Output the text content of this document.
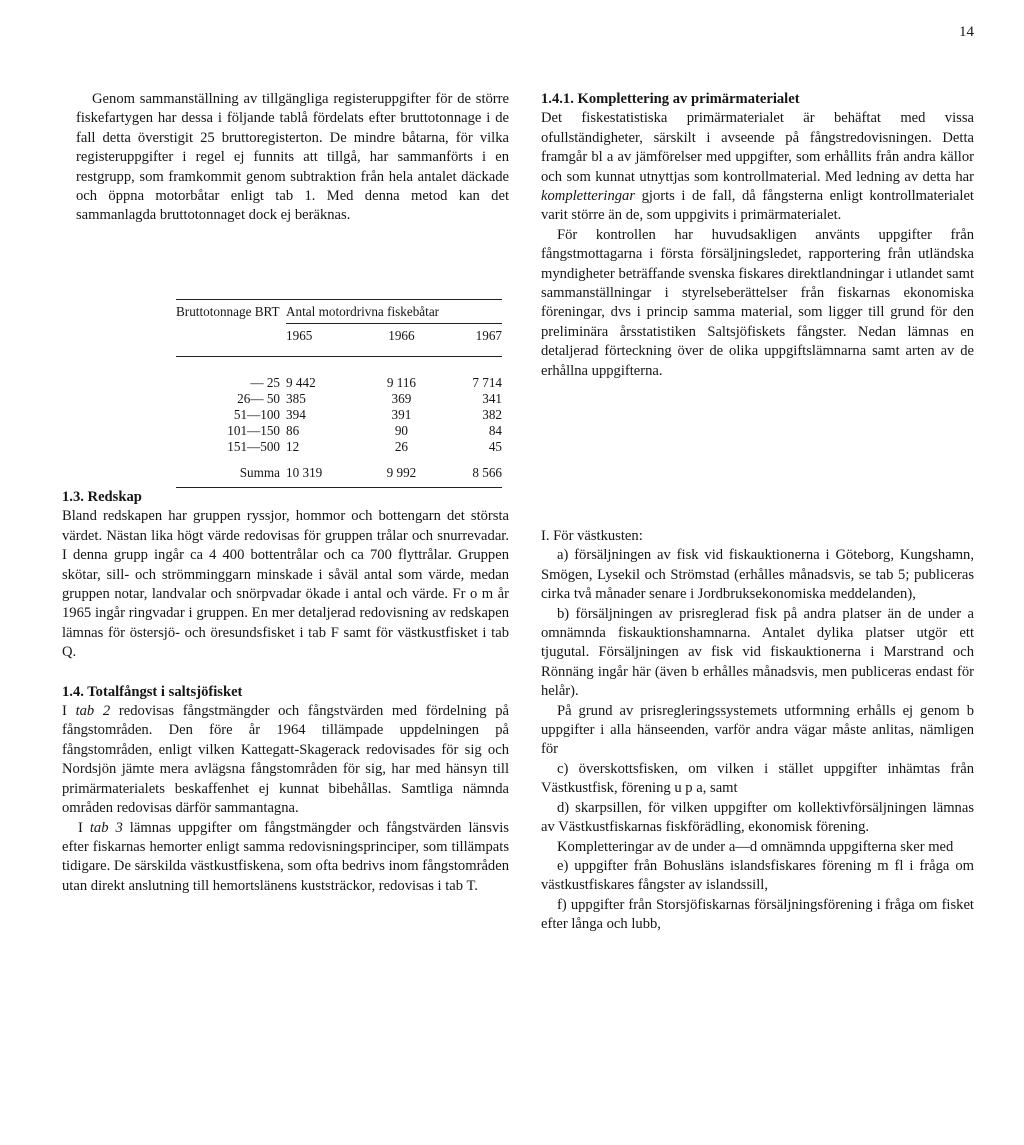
14

Genom sammanställning av tillgängliga registeruppgifter för de större fiskefartygen har dessa i följande tablå fördelats efter bruttotonnage i de fall detta överstigit 25 bruttoregisterton. De mindre båtarna, för vilka registeruppgifter i regel ej funnits att tillgå, har sammanförts i en restgrupp, som framkommit genom subtraktion från hela antalet däckade och öppna motorbåtar enligt tab 1. Med denna metod kan det sammanlagda bruttotonnaget dock ej beräknas.

Bruttotonnage BRT	Antal motordrivna fiskebåtar		
	1965	1966	1967

— 25	9 442	9 116	7 714
26— 50	385	369	341
51—100	394	391	382
101—150	86	90	84
151—500	12	26	45
Summa	10 319	9 992	8 566

1.3. Redskap

Bland redskapen har gruppen ryssjor, hommor och bottengarn det största värdet. Nästan lika högt värde redovisas för gruppen trålar och snurrevadar. I denna grupp ingår ca 4 400 bottentrålar och ca 700 flyttrålar. Gruppen skötar, sill- och strömminggarn minskade i såväl antal som värde, medan gruppen notar, landvalar och snörpvadar ökade i antal och värde. Fr o m år 1965 ingår ringvadar i gruppen. En mer detaljerad redovisning av redskapen lämnas för östersjö- och öresundsfisket i tab F samt för västkustfisket i tab Q.

1.4. Totalfångst i saltsjöfisket

I tab 2 redovisas fångstmängder och fångstvärden med fördelning på fångstområden. Den före år 1964 tillämpade uppdelningen på fångstområden, enligt vilken Kattegatt-Skagerack redovisades för sig och Nordsjön jämte mera avlägsna fångstområden för sig, har med hänsyn till primärmaterialets beskaffenhet ej kunnat bibehållas. Samtliga nämnda områden redovisas därför sammantagna.

I tab 3 lämnas uppgifter om fångstmängder och fångstvärden länsvis efter fiskarnas hemorter enligt samma redovisningsprinciper, som tillämpats tidigare. De särskilda västkustfiskena, som ofta bedrivs inom fångstområden utan direkt anslutning till hemortslänens kuststräckor, redovisas i tab T.

1.4.1. Komplettering av primärmaterialet

Det fiskestatistiska primärmaterialet är behäftat med vissa ofullständigheter, särskilt i avseende på fångstredovisningen. Detta framgår bl a av jämförelser med uppgifter, som erhållits från andra källor och som kunnat utnyttjas som kontrollmaterial. Med ledning av detta har kompletteringar gjorts i de fall, då fångsterna enligt kontrollmaterialet varit större än de, som uppgivits i primärmaterialet.

För kontrollen har huvudsakligen använts uppgifter från fångstmottagarna i första försäljningsledet, rapportering från utländska myndigheter beträffande svenska fiskares direktlandningar i utlandet samt sammanställningar i styrelseberättelser från fiskarnas ekonomiska föreningar, dvs i princip samma material, som ligger till grund för den preliminära årsstatistiken Saltsjöfiskets fångster. Nedan lämnas en detaljerad förteckning över de olika uppgiftslämnarna samt arten av de erhållna uppgifterna.

I. För västkusten:

a) försäljningen av fisk vid fiskauktionerna i Göteborg, Kungshamn, Smögen, Lysekil och Strömstad (erhålles månadsvis, se tab 5; publiceras cirka två månader senare i Jordbruksekonomiska meddelanden),

b) försäljningen av prisreglerad fisk på andra platser än de under a omnämnda fiskauktionshamnarna. Antalet dylika platser utgör ett tjugutal. Försäljningen av fisk vid fiskauktionerna i Marstrand och Rönnäng ingår här (även b erhålles månadsvis, men publiceras endast för helår).

På grund av prisregleringssystemets utformning erhålls ej genom b uppgifter i alla hänseenden, varför andra vägar måste anlitas, nämligen för

c) överskottsfisken, om vilken i stället uppgifter inhämtas från Västkustfisk, förening u p a, samt

d) skarpsillen, för vilken uppgifter om kollektivförsäljningen lämnas av Västkustfiskarnas fiskförädling, ekonomisk förening.

Kompletteringar av de under a—d omnämnda uppgifterna sker med

e) uppgifter från Bohusläns islandsfiskares förening m fl i fråga om västkustfiskares fångster av islandssill,

f) uppgifter från Storsjöfiskarnas försäljningsförening i fråga om fisket efter långa och lubb,
